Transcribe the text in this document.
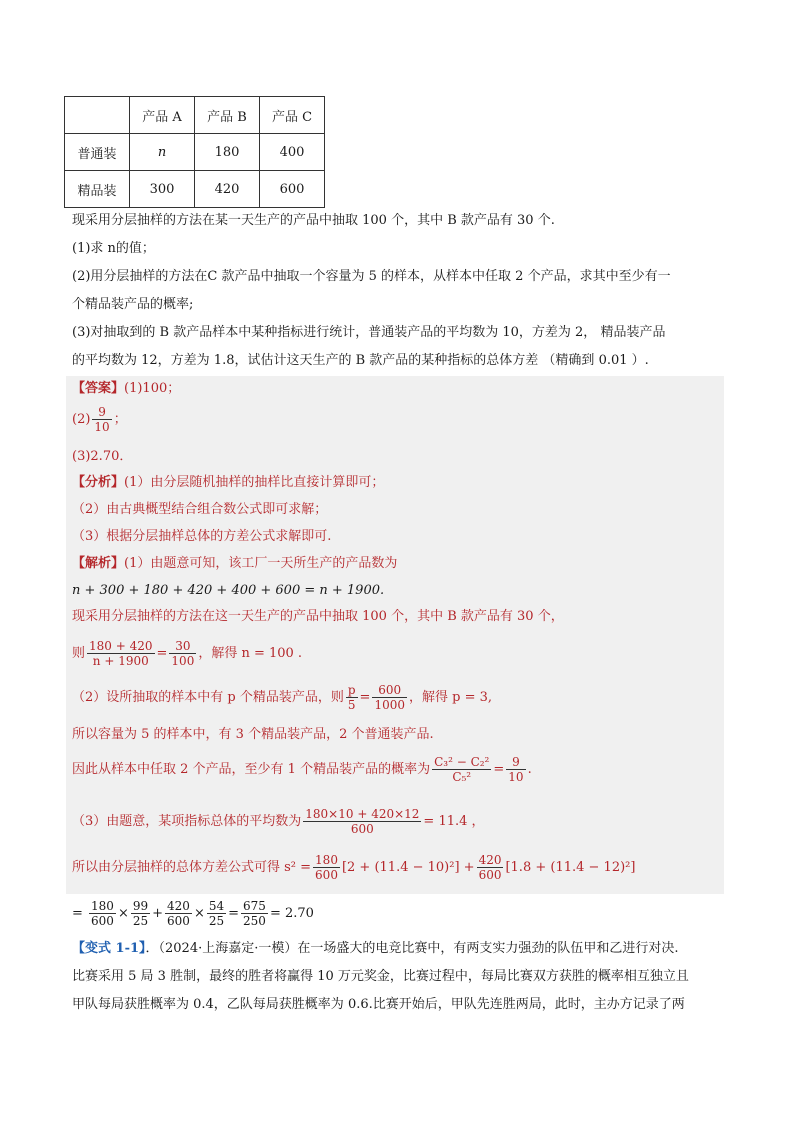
	产品 A	产品 B	产品 C
普通装	n	180	400
精品装	300	420	600
现采用分层抽样的方法在某一天生产的产品中抽取 100 个，其中 B 款产品有 30 个.
(1)求 n的值；
(2)用分层抽样的方法在C 款产品中抽取一个容量为 5 的样本，从样本中任取 2 个产品，求其中至少有一
个精品装产品的概率;
(3)对抽取到的 B 款产品样本中某种指标进行统计，普通装产品的平均数为 10，方差为 2， 精品装产品
的平均数为 12，方差为 1.8，试估计这天生产的 B 款产品的某种指标的总体方差 （精确到 0.01 ）.
【答案】(1)100；
$(2) \frac{9}{10}$ ；
(3)2.70．
【分析】(1）由分层随机抽样的抽样比直接计算即可；
（2）由古典概型结合组合数公式即可求解；
（3）根据分层抽样总体的方差公式求解即可.
【解析】(1）由题意可知，该工厂一天所生产的产品数为
n + 300 + 180 + 420 + 400 + 600 = n + 1900.
现采用分层抽样的方法在这一天生产的产品中抽取 100 个，其中 B 款产品有 30 个，
则 $\frac{180 + 420}{n + 1900} = \frac{30}{100}$ ，解得 n = 100 .
（2）设所抽取的样本中有 p 个精品装产品，则 $\frac{p}{5} = \frac{600}{1000}$ ，解得 p = 3,
所以容量为 5 的样本中，有 3 个精品装产品，2 个普通装产品.
因此从样本中任取 2 个产品，至少有 1 个精品装产品的概率为 $\frac{\text{C₃² − C₂²}}{\text{C₅²}} = \frac{9}{10}$ .
（3）由题意，某项指标总体的平均数为 $\frac{180\times 10 + 420\times 12}{600} = 11.4$ ，
所以由分层抽样的总体方差公式可得 $s^2 = \frac{180}{600} [2 + (11.4 - 10)^2] + \frac{420}{600} [1.8 + (11.4 - 12)^2]$
= $\frac{180}{600} \times \frac{99}{25} + \frac{420}{600} \times \frac{54}{25} = \frac{675}{250} = 2.70$
【变式 1-1】．（2024·上海嘉定·一模）在一场盛大的电竞比赛中，有两支实力强劲的队伍甲和乙进行对决.
比赛采用 5 局 3 胜制，最终的胜者将赢得 10 万元奖金，比赛过程中，每局比赛双方获胜的概率相互独立且
甲队每局获胜概率为 0.4，乙队每局获胜概率为 0.6.比赛开始后，甲队先连胜两局，此时，主办方记录了两
